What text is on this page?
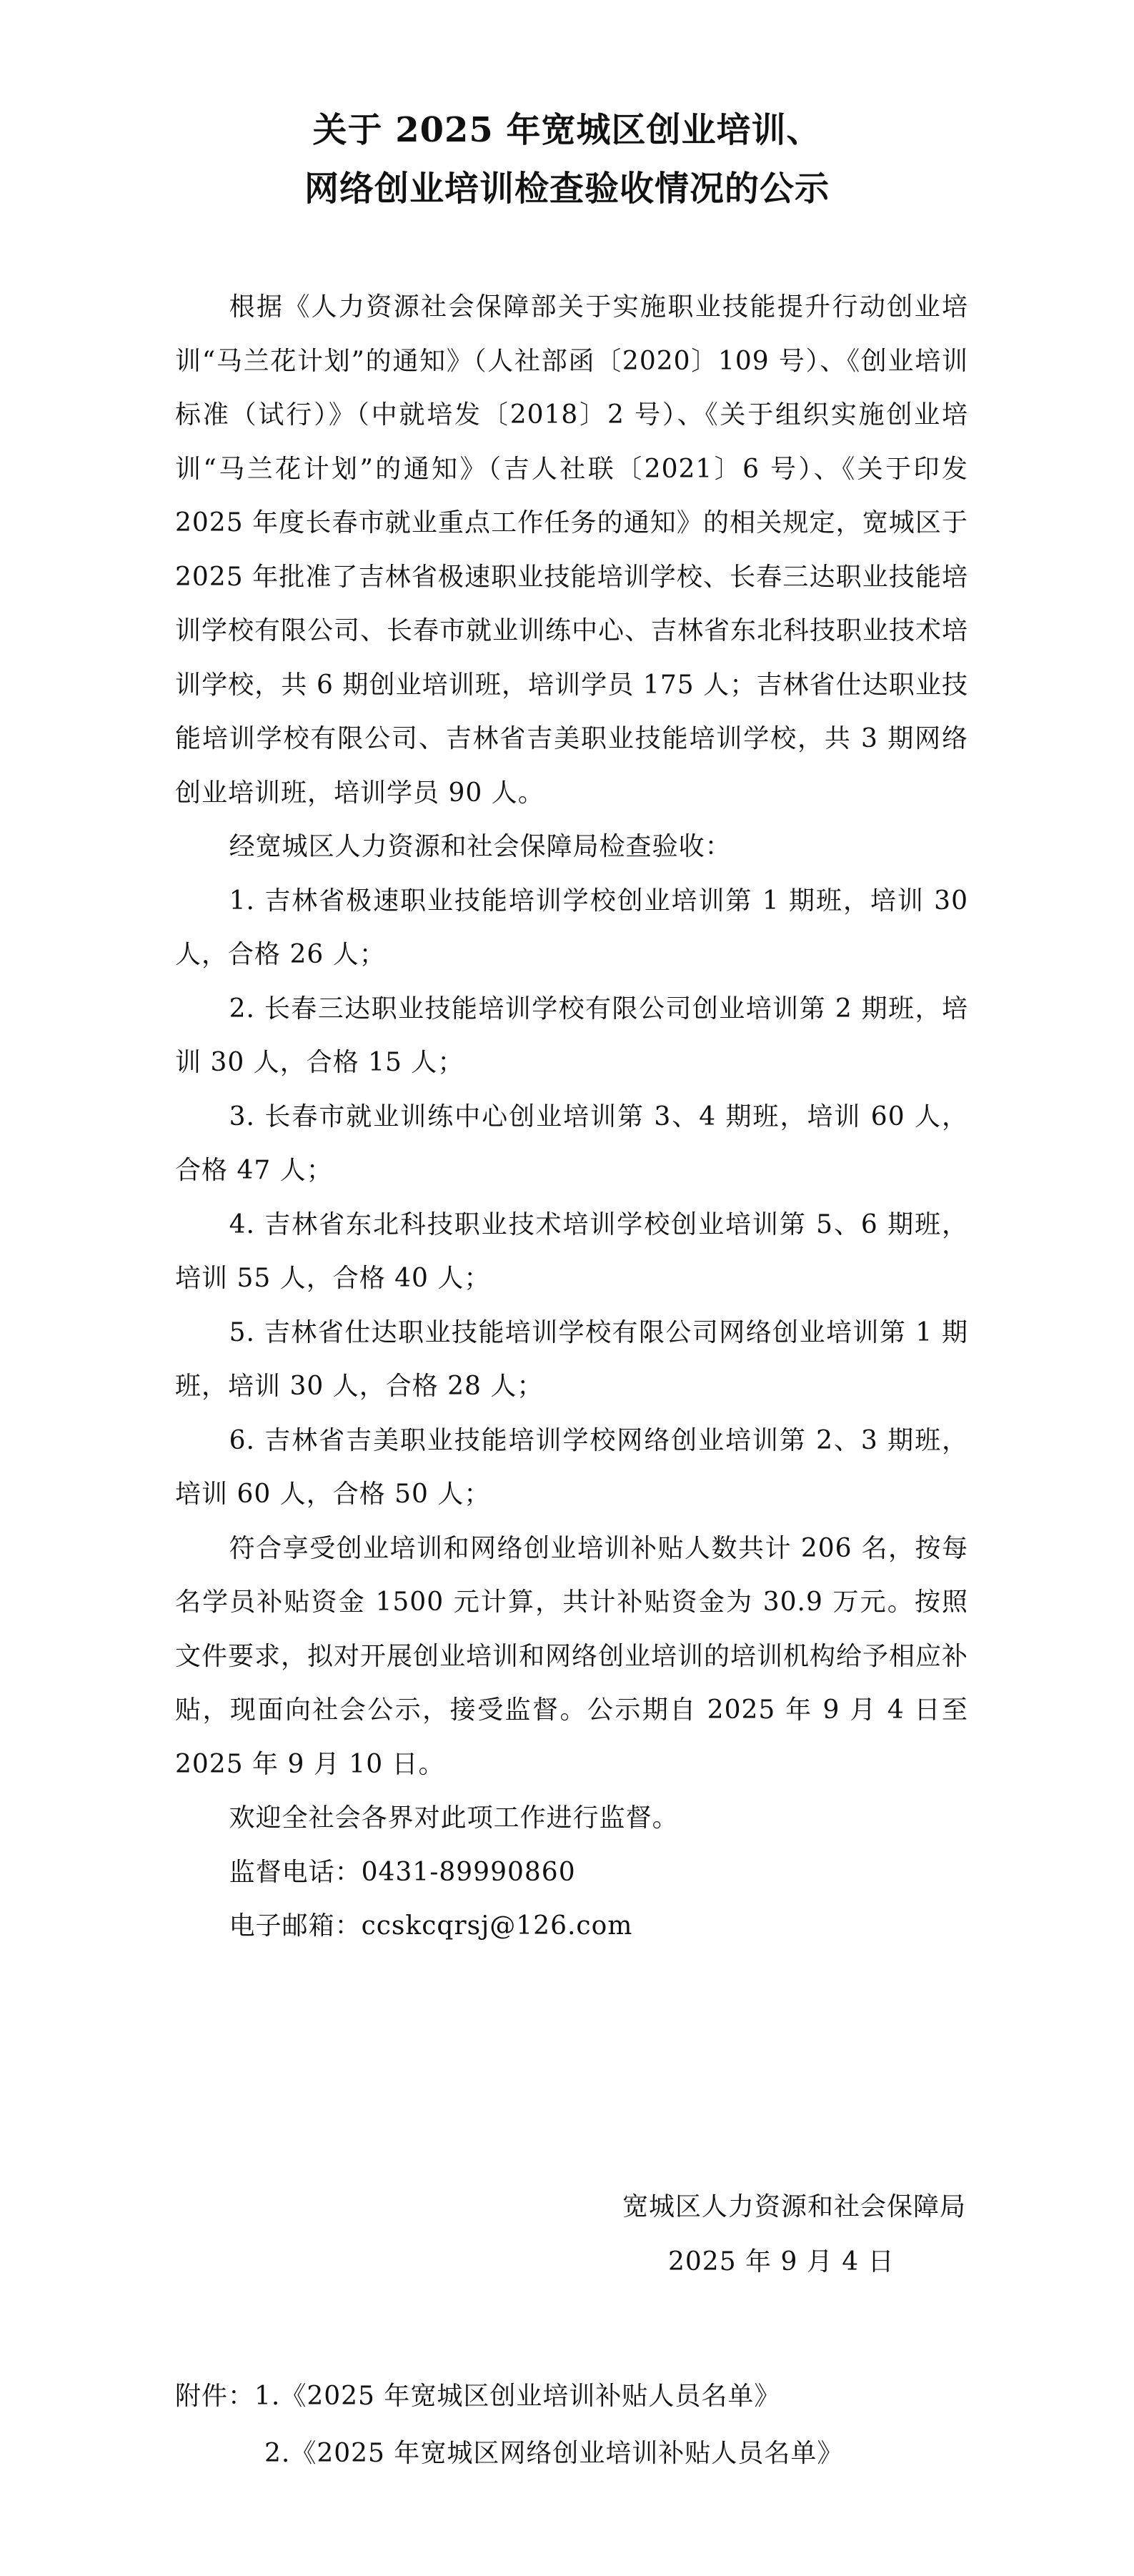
关于 2025 年宽城区创业培训、
网络创业培训检查验收情况的公示

根据《人力资源社会保障部关于实施职业技能提升行动创业培训“马兰花计划”的通知》（人社部函〔2020〕109 号）、《创业培训标准（试行）》（中就培发〔2018〕2 号）、《关于组织实施创业培训“马兰花计划”的通知》（吉人社联〔2021〕6 号）、《关于印发 2025 年度长春市就业重点工作任务的通知》的相关规定，宽城区于 2025 年批准了吉林省极速职业技能培训学校、长春三达职业技能培训学校有限公司、长春市就业训练中心、吉林省东北科技职业技术培训学校，共 6 期创业培训班，培训学员 175 人；吉林省仕达职业技能培训学校有限公司、吉林省吉美职业技能培训学校，共 3 期网络创业培训班，培训学员 90 人。

经宽城区人力资源和社会保障局检查验收：

1. 吉林省极速职业技能培训学校创业培训第 1 期班，培训 30 人，合格 26 人；

2. 长春三达职业技能培训学校有限公司创业培训第 2 期班，培训 30 人，合格 15 人；

3. 长春市就业训练中心创业培训第 3、4 期班，培训 60 人，合格 47 人；

4. 吉林省东北科技职业技术培训学校创业培训第 5、6 期班，培训 55 人，合格 40 人；

5. 吉林省仕达职业技能培训学校有限公司网络创业培训第 1 期班，培训 30 人，合格 28 人；

6. 吉林省吉美职业技能培训学校网络创业培训第 2、3 期班，培训 60 人，合格 50 人；

符合享受创业培训和网络创业培训补贴人数共计 206 名，按每名学员补贴资金 1500 元计算，共计补贴资金为 30.9 万元。按照文件要求，拟对开展创业培训和网络创业培训的培训机构给予相应补贴，现面向社会公示，接受监督。公示期自 2025 年 9 月 4 日至 2025 年 9 月 10 日。

欢迎全社会各界对此项工作进行监督。

监督电话：0431-89990860

电子邮箱：ccskcqrsj@126.com

宽城区人力资源和社会保障局
2025 年 9 月 4 日
附件：1.《2025 年宽城区创业培训补贴人员名单》
2.《2025 年宽城区网络创业培训补贴人员名单》
